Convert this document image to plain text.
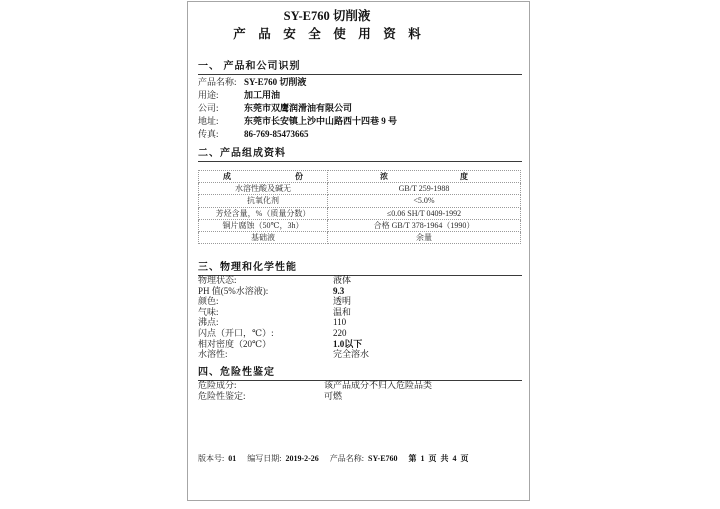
SY-E760 切削液
产　品　安　全　使　用　资　料
一、 产品和公司识别
产品名称: SY-E760 切削液
用途:	加工用油
公司:	东莞市双鹰润滑油有限公司
地址:	东莞市长安镇上沙中山路西十四巷 9 号
传真:	86-769-85473665
二、产品组成资料
成　　　　　　　　份	浓　　　　　　　　　度
水溶性酸及碱无	GB/T 259-1988
抗氧化剂	<5.0%
芳烃含量，%（质量分数）	≤0.06 SH/T 0409-1992
铜片腐蚀（50℃，3h）	合格 GB/T 378-1964（1990）
基础液	余量
三、物理和化学性能
物理状态:	液体
PH 值(5%水溶液):	9.3
颜色:	透明
气味:	温和
沸点:	110
闪点（开口，℃）:	220
相对密度（20℃）	1.0以下
水溶性:	完全溶水
四、危险性鉴定
危险成分:	该产品成分不归入危险品类
危险性鉴定:	可燃
版本号: 01 编写日期: 2019-2-26 产品名称: SY-E760 第 1 页 共 4 页
